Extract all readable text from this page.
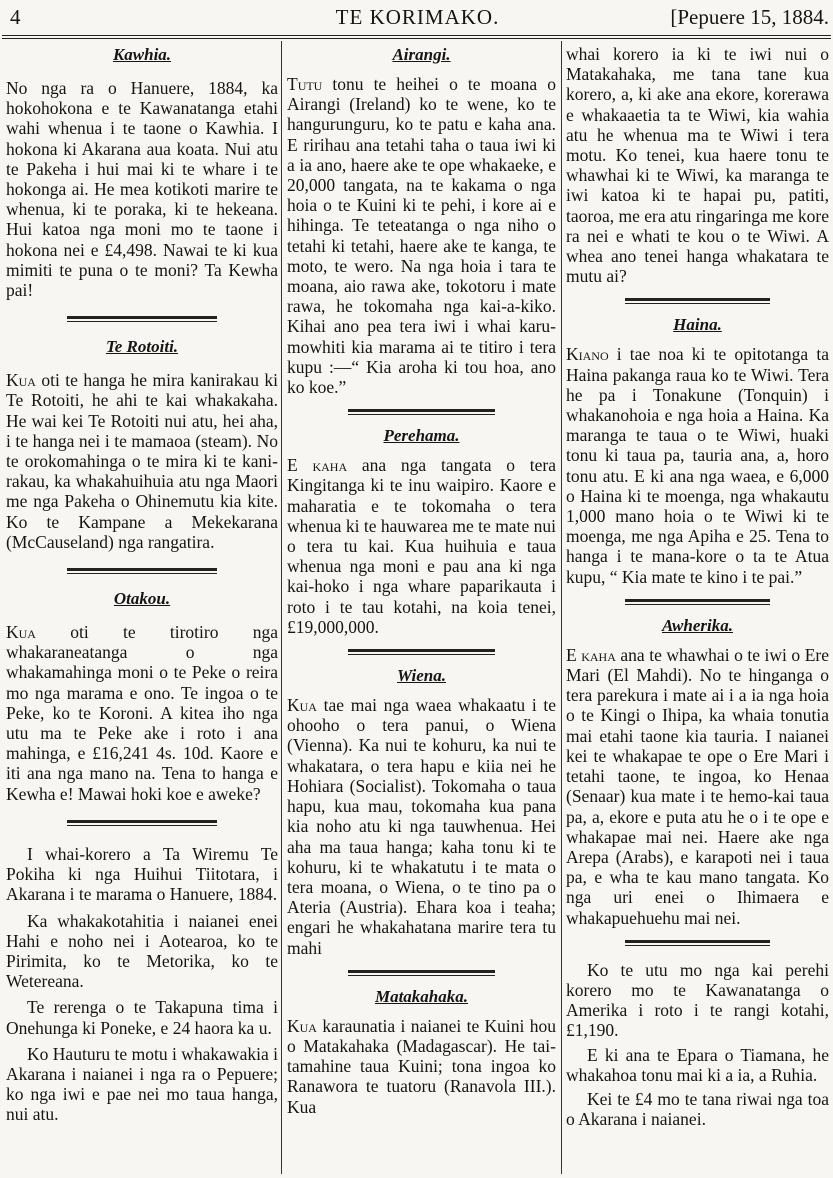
4	TE KORIMAKO.	[Pepuere 15, 1884.
Kawhia.

No nga ra o Hanuere, 1884, ka hokohokona e te Kawanatanga etahi wahi whenua i te taone o Kawhia. I hokona ki Akarana aua koata. Nui atu te Pakeha i hui mai ki te whare i te hokonga ai. He mea kotikoti marire te whenua, ki te poraka, ki te hekeana. Hui katoa nga moni mo te taone i hokona nei e £4,498. Nawai te ki kua mimiti te puna o te moni? Ta Kewha pai!

Te Rotoiti.

Kua oti te hanga he mira kanirakau ki Te Rotoiti, he ahi te kai whakakaha. He wai kei Te Rotoiti nui atu, hei aha, i te hanga nei i te mamaoa (steam). No te orokomahinga o te mira ki te kani-rakau, ka whakahuihuia atu nga Maori me nga Pakeha o Ohinemutu kia kite. Ko te Kampane a Mekekarana (McCauseland) nga rangatira.

Otakou.

Kua oti te tirotiro nga whakaraneatanga o nga whakamahinga moni o te Peke o reira mo nga marama e ono. Te ingoa o te Peke, ko te Koroni. A kitea iho nga utu ma te Peke ake i roto i ana mahinga, e £16,241 4s. 10d. Kaore e iti ana nga mano na. Tena to hanga e Kewha e! Mawai hoki koe e aweke?

I whai-korero a Ta Wiremu Te Pokiha ki nga Huihui Tiitotara, i Akarana i te marama o Hanuere, 1884.

Ka whakakotahitia i naianei enei Hahi e noho nei i Aotearoa, ko te Pirimita, ko te Metorika, ko te Wetereana.

Te rerenga o te Takapuna tima i Onehunga ki Poneke, e 24 haora ka u.

Ko Hauturu te motu i whakawakia i Akarana i naianei i nga ra o Pepuere; ko nga iwi e pae nei mo taua hanga, nui atu.

Airangi.

Tutu tonu te heihei o te moana o Airangi (Ireland) ko te wene, ko te hangurunguru, ko te patu e kaha ana. E ririhau ana tetahi taha o taua iwi ki a ia ano, haere ake te ope whakaeke, e 20,000 tangata, na te kakama o nga hoia o te Kuini ki te pehi, i kore ai e hihinga. Te teteatanga o nga niho o tetahi ki tetahi, haere ake te kanga, te moto, te wero. Na nga hoia i tara te moana, aio rawa ake, tokotoru i mate rawa, he tokomaha nga kai-a-kiko. Kihai ano pea tera iwi i whai karu-mowhiti kia marama ai te titiro i tera kupu :—“ Kia aroha ki tou hoa, ano ko koe.”

Perehama.

E kaha ana nga tangata o tera Kingitanga ki te inu waipiro. Kaore e maharatia e te tokomaha o tera whenua ki te hauwarea me te mate nui o tera tu kai. Kua huihuia e taua whenua nga moni e pau ana ki nga kai-hoko i nga whare paparikauta i roto i te tau kotahi, na koia tenei, £19,000,000.

Wiena.

Kua tae mai nga waea whakaatu i te ohooho o tera panui, o Wiena (Vienna). Ka nui te kohuru, ka nui te whakatara, o tera hapu e kiia nei he Hohiara (Socialist). Tokomaha o taua hapu, kua mau, tokomaha kua pana kia noho atu ki nga tauwhenua. Hei aha ma taua hanga; kaha tonu ki te kohuru, ki te whakatutu i te mata o tera moana, o Wiena, o te tino pa o Ateria (Austria). Ehara koa i teaha; engari he whakahatana marire tera tu mahi

Matakahaka.

Kua karaunatia i naianei te Kuini hou o Matakahaka (Madagascar). He tai-tamahine taua Kuini; tona ingoa ko Ranawora te tuatoru (Ranavola III.). Kua

whai korero ia ki te iwi nui o Matakahaka, me tana tane kua korero, a, ki ake ana ekore, korerawa e whakaaetia ta te Wiwi, kia wahia atu he whenua ma te Wiwi i tera motu. Ko tenei, kua haere tonu te whawhai ki te Wiwi, ka maranga te iwi katoa ki te hapai pu, patiti, taoroa, me era atu ringaringa me kore ra nei e whati te kou o te Wiwi. A whea ano tenei hanga whakatara te mutu ai?

Haina.

Kiano i tae noa ki te opitotanga ta Haina pakanga raua ko te Wiwi. Tera he pa i Tonakune (Tonquin) i whakanohoia e nga hoia a Haina. Ka maranga te taua o te Wiwi, huaki tonu ki taua pa, tauria ana, a, horo tonu atu. E ki ana nga waea, e 6,000 o Haina ki te moenga, nga whakautu 1,000 mano hoia o te Wiwi ki te moenga, me nga Apiha e 25. Tena to hanga i te mana-kore o ta te Atua kupu, “ Kia mate te kino i te pai.”

Awherika.

E kaha ana te whawhai o te iwi o Ere Mari (El Mahdi). No te hinganga o tera parekura i mate ai i a ia nga hoia o te Kingi o Ihipa, ka whaia tonutia mai etahi taone kia tauria. I naianei kei te whakapae te ope o Ere Mari i tetahi taone, te ingoa, ko Henaa (Senaar) kua mate i te hemo-kai taua pa, a, ekore e puta atu he o i te ope e whakapae mai nei. Haere ake nga Arepa (Arabs), e karapoti nei i taua pa, e wha te kau mano tangata. Ko nga uri enei o Ihimaera e whakapuehuehu mai nei.

Ko te utu mo nga kai perehi korero mo te Kawanatanga o Amerika i roto i te rangi kotahi, £1,190.

E ki ana te Epara o Tiamana, he whakahoa tonu mai ki a ia, a Ruhia.

Kei te £4 mo te tana riwai nga toa o Akarana i naianei.
